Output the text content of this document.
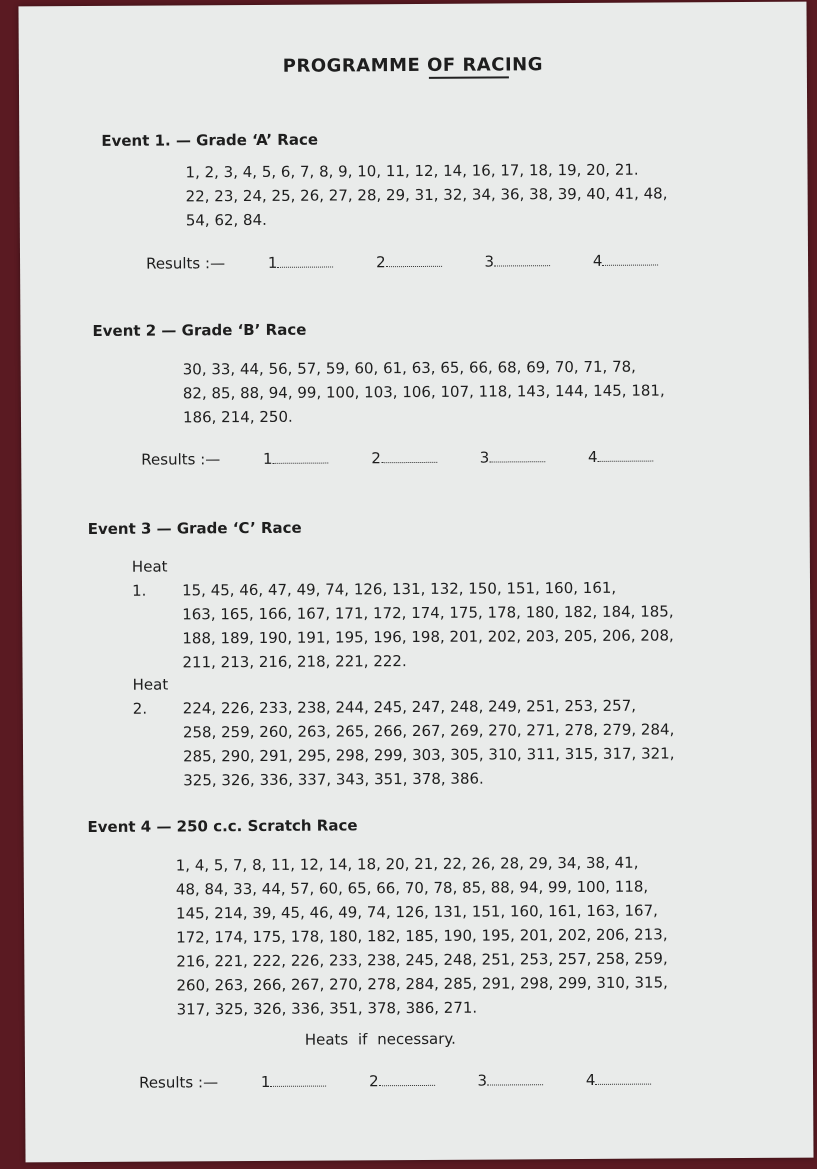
PROGRAMME OF RACING
Event 1. — Grade ‘A’ Race
1, 2, 3, 4, 5, 6, 7, 8, 9, 10, 11, 12, 14, 16, 17, 18, 19, 20, 21.
22, 23, 24, 25, 26, 27, 28, 29, 31, 32, 34, 36, 38, 39, 40, 41, 48,
54, 62, 84.
Results :—	1	2	3	4
Event 2 — Grade ‘B’ Race
30, 33, 44, 56, 57, 59, 60, 61, 63, 65, 66, 68, 69, 70, 71, 78,
82, 85, 88, 94, 99, 100, 103, 106, 107, 118, 143, 144, 145, 181,
186, 214, 250.
Results :—	1	2	3	4
Event 3 — Grade ‘C’ Race
Heat 1. 15, 45, 46, 47, 49, 74, 126, 131, 132, 150, 151, 160, 161,
163, 165, 166, 167, 171, 172, 174, 175, 178, 180, 182, 184, 185,
188, 189, 190, 191, 195, 196, 198, 201, 202, 203, 205, 206, 208,
211, 213, 216, 218, 221, 222.
Heat 2. 224, 226, 233, 238, 244, 245, 247, 248, 249, 251, 253, 257,
258, 259, 260, 263, 265, 266, 267, 269, 270, 271, 278, 279, 284,
285, 290, 291, 295, 298, 299, 303, 305, 310, 311, 315, 317, 321,
325, 326, 336, 337, 343, 351, 378, 386.
Event 4 — 250 c.c. Scratch Race
1, 4, 5, 7, 8, 11, 12, 14, 18, 20, 21, 22, 26, 28, 29, 34, 38, 41,
48, 84, 33, 44, 57, 60, 65, 66, 70, 78, 85, 88, 94, 99, 100, 118,
145, 214, 39, 45, 46, 49, 74, 126, 131, 151, 160, 161, 163, 167,
172, 174, 175, 178, 180, 182, 185, 190, 195, 201, 202, 206, 213,
216, 221, 222, 226, 233, 238, 245, 248, 251, 253, 257, 258, 259,
260, 263, 266, 267, 270, 278, 284, 285, 291, 298, 299, 310, 315,
317, 325, 326, 336, 351, 378, 386, 271.
Heats if necessary.
Results :—	1	2	3	4
